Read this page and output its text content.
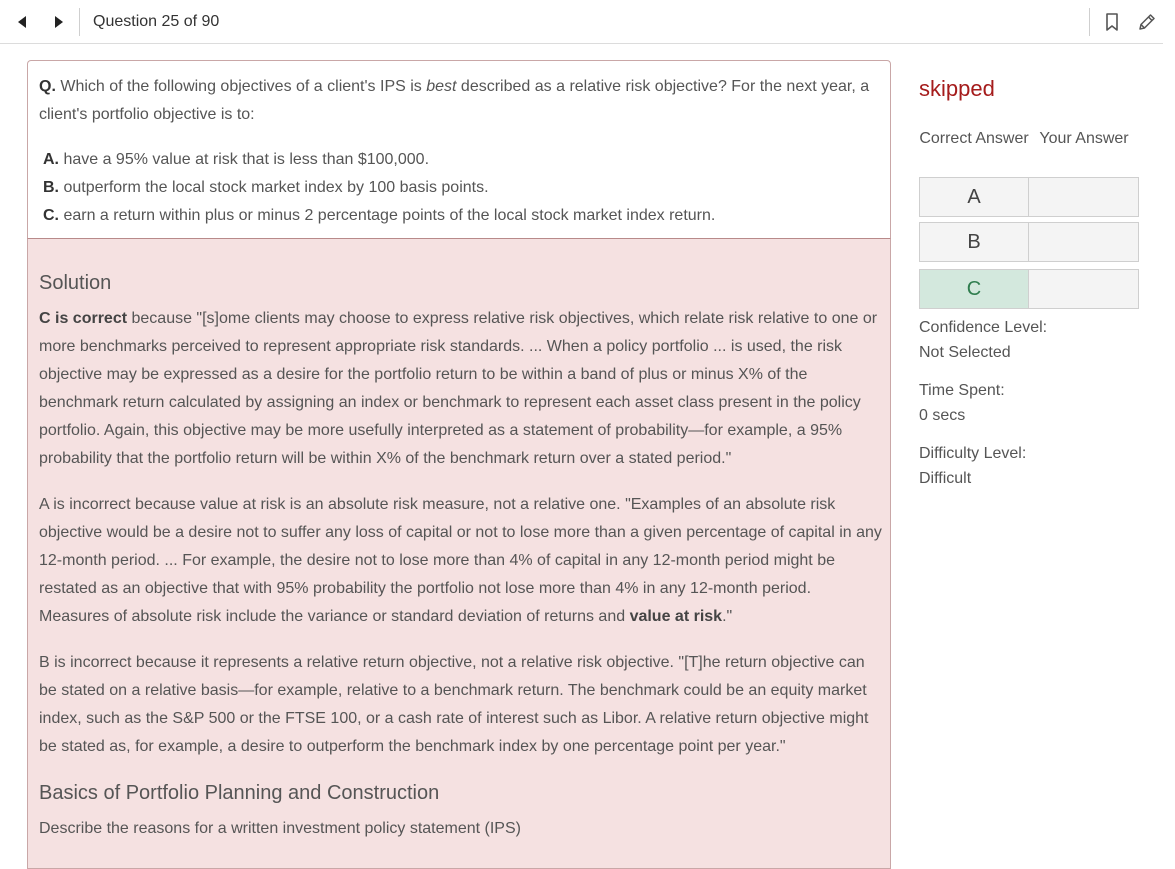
Question 25 of 90
Q. Which of the following objectives of a client's IPS is best described as a relative risk objective? For the next year, a client's portfolio objective is to:
A. have a 95% value at risk that is less than $100,000.
B. outperform the local stock market index by 100 basis points.
C. earn a return within plus or minus 2 percentage points of the local stock market index return.
Solution

C is correct because "[s]ome clients may choose to express relative risk objectives, which relate risk relative to one or more benchmarks perceived to represent appropriate risk standards. ... When a policy portfolio ... is used, the risk objective may be expressed as a desire for the portfolio return to be within a band of plus or minus X% of the benchmark return calculated by assigning an index or benchmark to represent each asset class present in the policy portfolio. Again, this objective may be more usefully interpreted as a statement of probability—for example, a 95% probability that the portfolio return will be within X% of the benchmark return over a stated period."

A is incorrect because value at risk is an absolute risk measure, not a relative one. "Examples of an absolute risk objective would be a desire not to suffer any loss of capital or not to lose more than a given percentage of capital in any 12-month period. ... For example, the desire not to lose more than 4% of capital in any 12-month period might be restated as an objective that with 95% probability the portfolio not lose more than 4% in any 12-month period. Measures of absolute risk include the variance or standard deviation of returns and value at risk."

B is incorrect because it represents a relative return objective, not a relative risk objective. "[T]he return objective can be stated on a relative basis—for example, relative to a benchmark return. The benchmark could be an equity market index, such as the S&P 500 or the FTSE 100, or a cash rate of interest such as Libor. A relative return objective might be stated as, for example, a desire to outperform the benchmark index by one percentage point per year."

Basics of Portfolio Planning and Construction

Describe the reasons for a written investment policy statement (IPS)

skipped
Correct Answer Your Answer
A
B
C
Confidence Level:
Not Selected
Time Spent:
0 secs
Difficulty Level:
Difficult
